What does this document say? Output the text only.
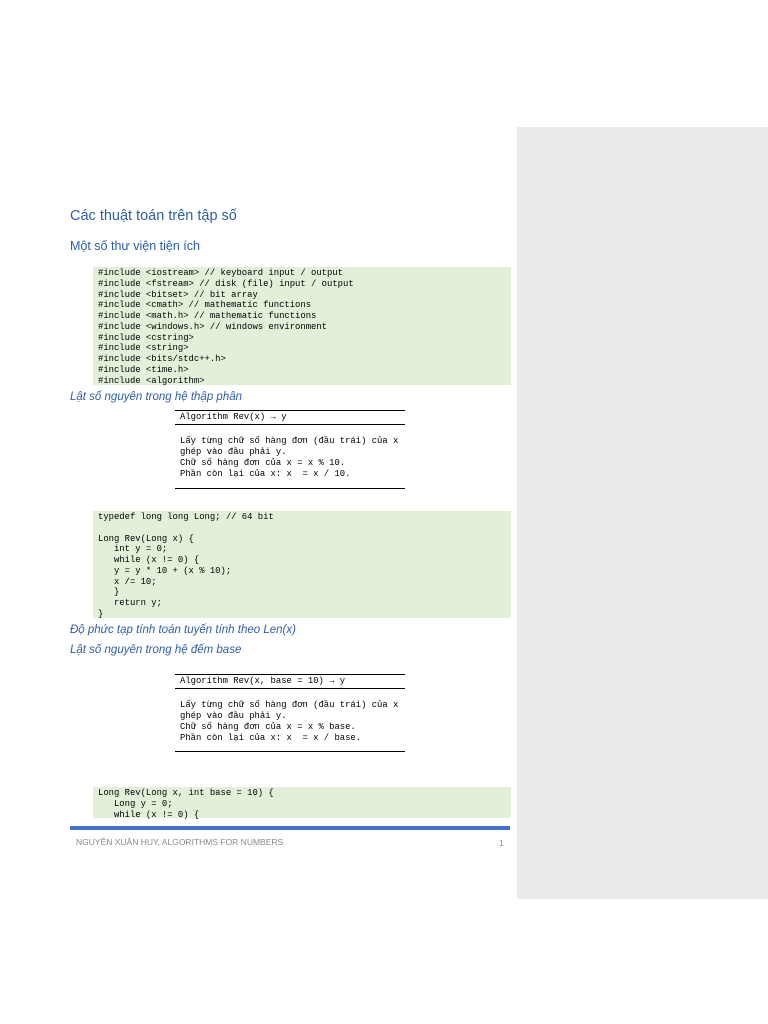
Các thuật toán trên tập số
Một số thư viện tiện ích
#include <iostream> // keyboard input / output
#include <fstream> // disk (file) input / output
#include <bitset> // bit array
#include <cmath> // mathematic functions
#include <math.h> // mathematic functions
#include <windows.h> // windows environment
#include <cstring>
#include <string>
#include <bits/stdc++.h>
#include <time.h>
#include <algorithm>
Lật số nguyên trong hệ thập phân
Algorithm Rev(x) → y
Lấy từng chữ số hàng đơn (đầu trái) của x
ghép vào đầu phải y.
Chữ số hàng đơn của x = x % 10.
Phần còn lại của x: x  = x / 10.
typedef long long Long; // 64 bit
Long Rev(Long x) {
int y = 0;
while (x != 0) {
y = y * 10 + (x % 10);
x /= 10;
}
return y;
}
Độ phức tạp tính toán tuyến tính theo Len(x)
Lật số nguyên trong hệ đếm base
Algorithm Rev(x, base = 10) → y
Lấy từng chữ số hàng đơn (đầu trái) của x
ghép vào đầu phải y.
Chữ số hàng đơn của x = x % base.
Phần còn lại của x: x  = x / base.
Long Rev(Long x, int base = 10) {
Long y = 0;
while (x != 0) {
NGUYỄN XUÂN HUY, ALGORITHMS FOR NUMBERS	1
